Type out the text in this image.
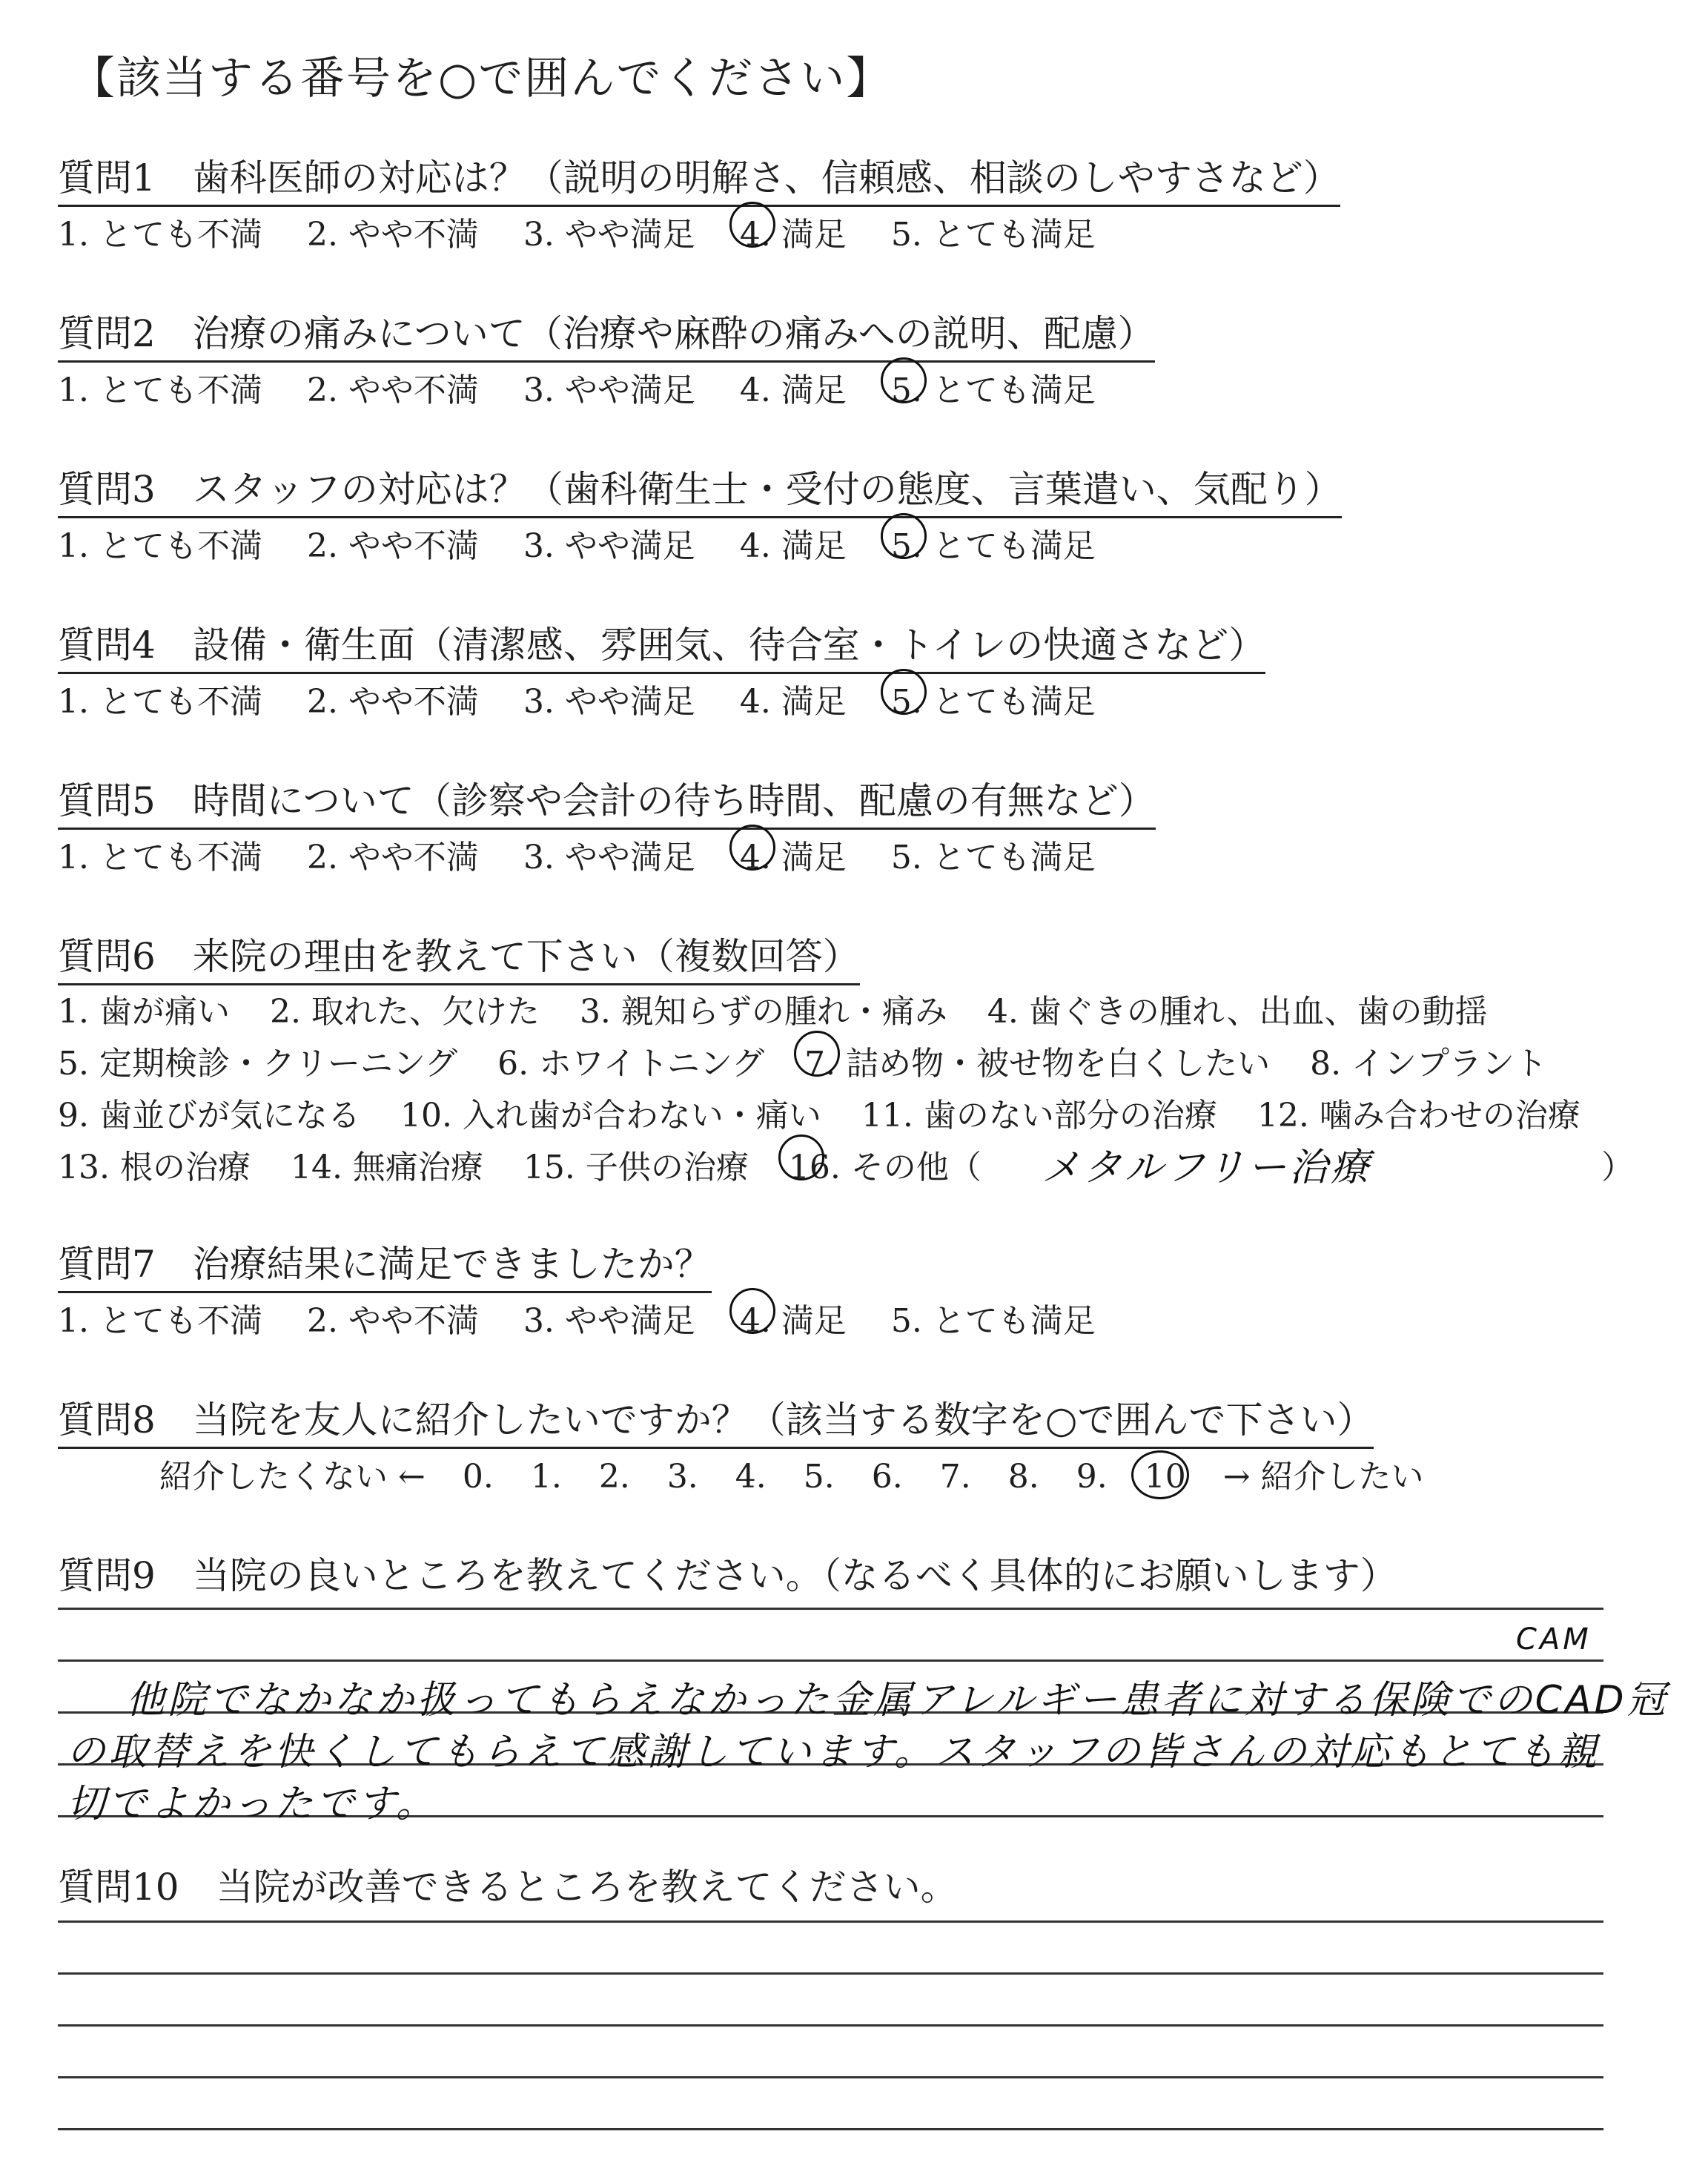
【該当する番号を○で囲んでください】
質問1　歯科医師の対応は？（説明の明解さ、信頼感、相談のしやすさなど）
1. とても不満 2. やや不満 3. やや満足 4. 満足 5. とても満足
質問2　治療の痛みについて（治療や麻酔の痛みへの説明、配慮）
1. とても不満 2. やや不満 3. やや満足 4. 満足 5. とても満足
質問3　スタッフの対応は？（歯科衛生士・受付の態度、言葉遣い、気配り）
1. とても不満 2. やや不満 3. やや満足 4. 満足 5. とても満足
質問4　設備・衛生面（清潔感、雰囲気、待合室・トイレの快適さなど）
1. とても不満 2. やや不満 3. やや満足 4. 満足 5. とても満足
質問5　時間について（診察や会計の待ち時間、配慮の有無など）
1. とても不満 2. やや不満 3. やや満足 4. 満足 5. とても満足
質問6　来院の理由を教えて下さい（複数回答）
1. 歯が痛い 2. 取れた、欠けた 3. 親知らずの腫れ・痛み 4. 歯ぐきの腫れ、出血、歯の動揺
5. 定期検診・クリーニング 6. ホワイトニング 7. 詰め物・被せ物を白くしたい 8. インプラント
9. 歯並びが気になる 10. 入れ歯が合わない・痛い 11. 歯のない部分の治療 12. 噛み合わせの治療
13. 根の治療 14. 無痛治療 15. 子供の治療 16. その他（	メタルフリー治療	）
質問7　治療結果に満足できましたか？
1. とても不満 2. やや不満 3. やや満足 4. 満足 5. とても満足
質問8　当院を友人に紹介したいですか？（該当する数字を○で囲んで下さい）
紹介したくない ← 0. 1. 2. 3. 4. 5. 6. 7. 8. 9. 10 → 紹介したい
質問9　当院の良いところを教えてください。（なるべく具体的にお願いします）
CAM
他院でなかなか扱ってもらえなかった金属アレルギー患者に対する保険でのCAD冠
の取替えを快くしてもらえて感謝しています。スタッフの皆さんの対応もとても親
切でよかったです。
質問10　当院が改善できるところを教えてください。
